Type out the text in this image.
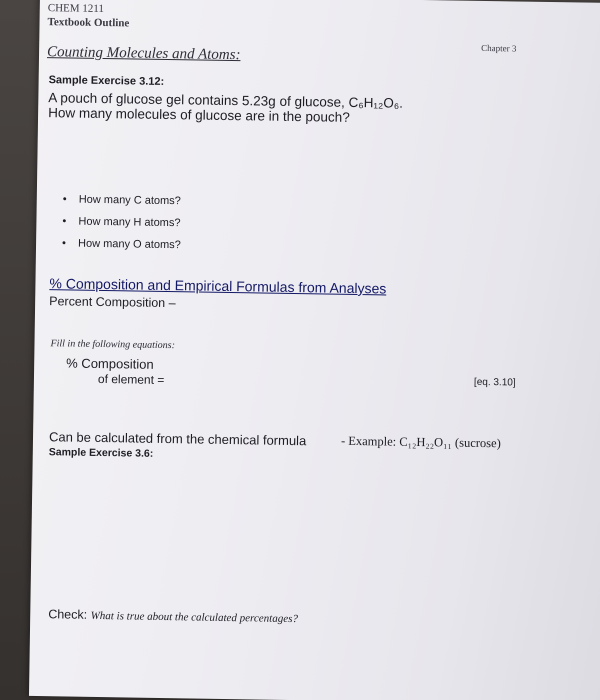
CHEM 1211
Textbook Outline
Chapter 3
Counting Molecules and Atoms:
Sample Exercise 3.12:
A pouch of glucose gel contains 5.23g of glucose, C₆H₁₂O₆.
How many molecules of glucose are in the pouch?
• How many C atoms?
• How many H atoms?
• How many O atoms?
% Composition and Empirical Formulas from Analyses
Percent Composition –
Fill in the following equations:
% Composition
of element =	[eq. 3.10]
Can be calculated from the chemical formula	- Example: C₁₂H₂₂O₁₁ (sucrose)
Sample Exercise 3.6:
Check: What is true about the calculated percentages?
